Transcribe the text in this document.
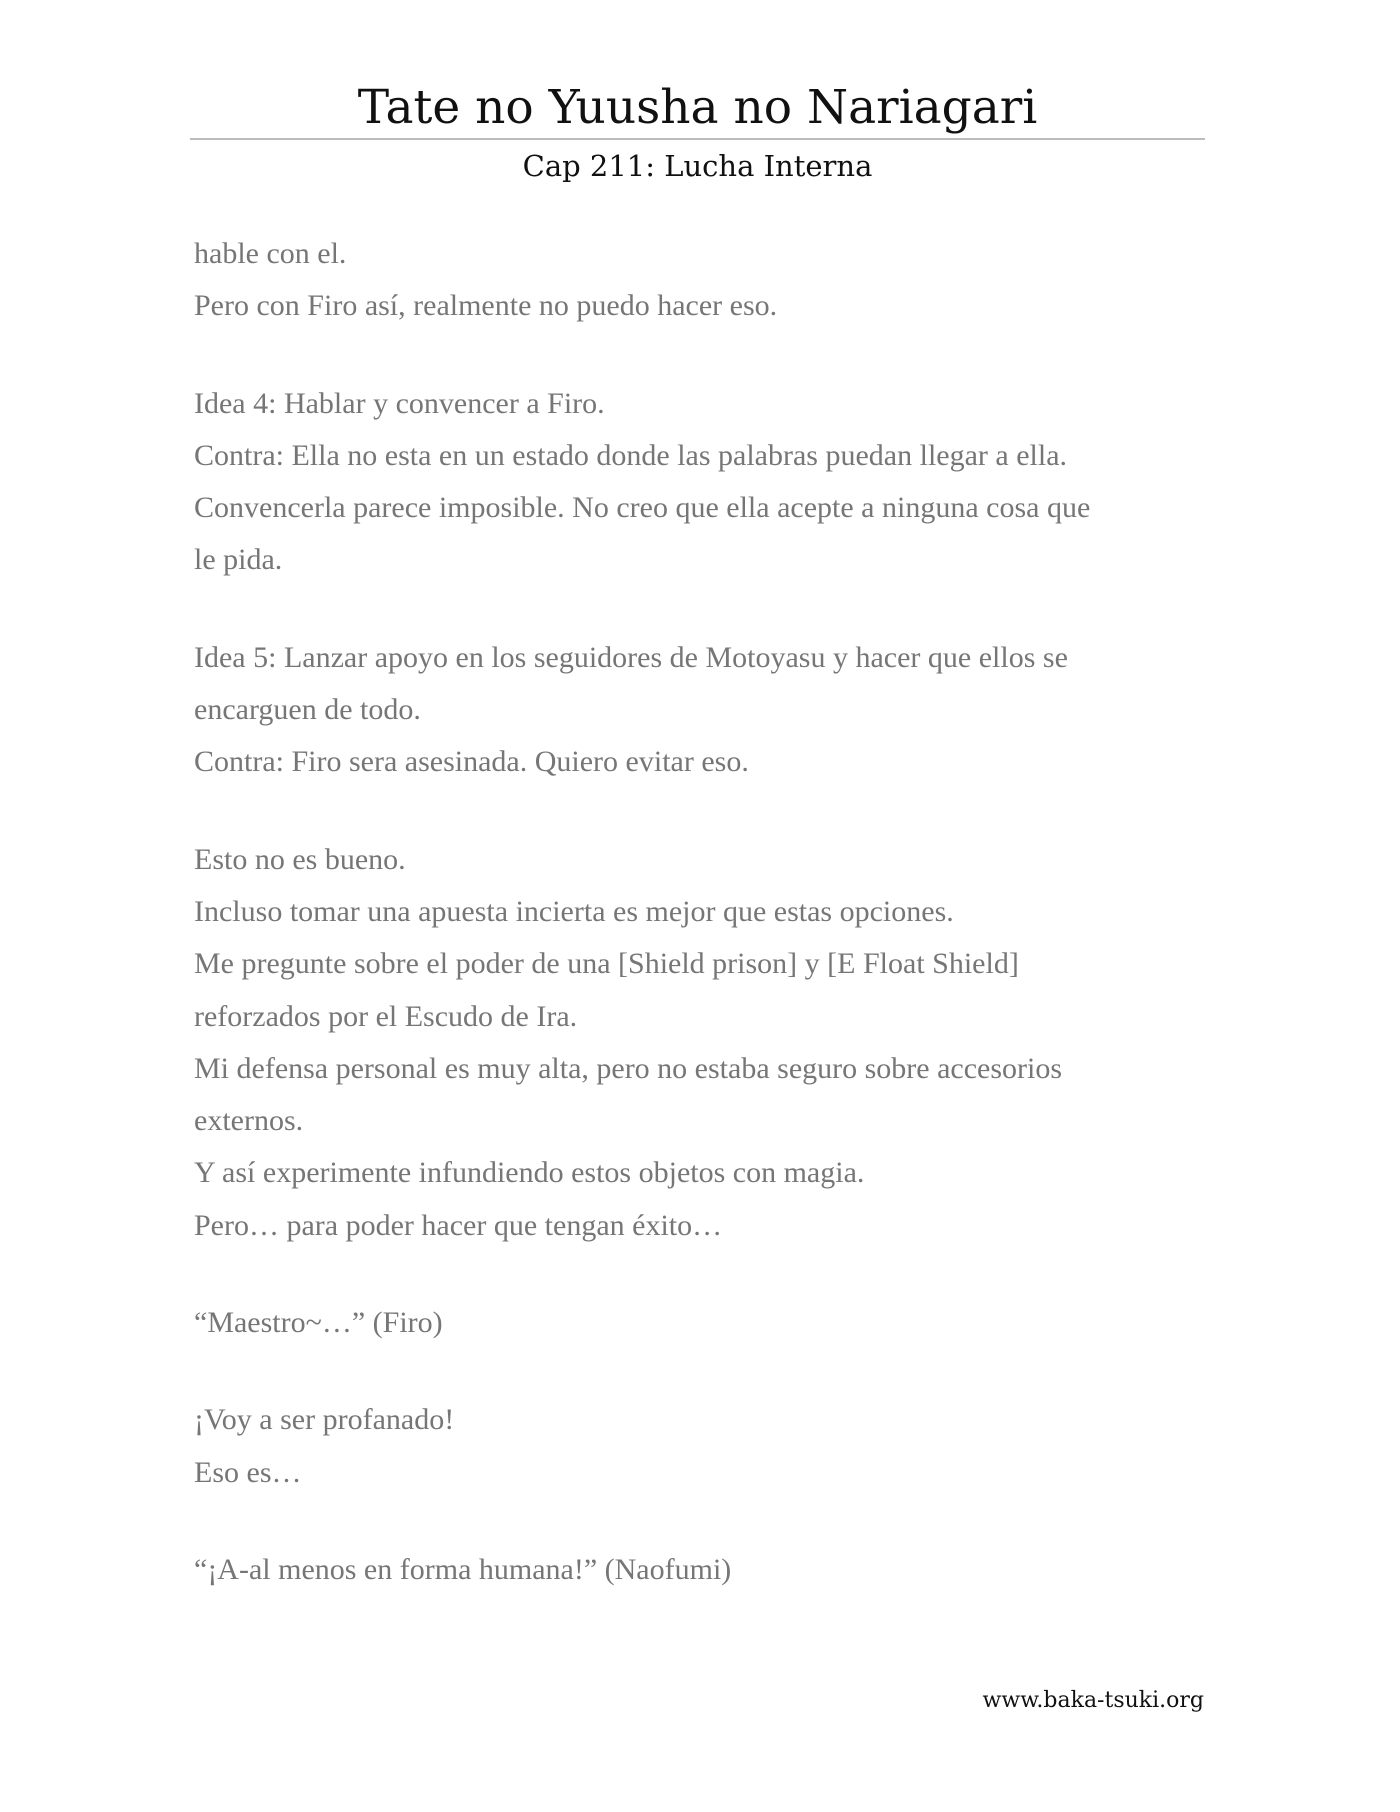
Tate no Yuusha no Nariagari
Cap 211: Lucha Interna

hable con el.

Pero con Firo así, realmente no puedo hacer eso.

Idea 4: Hablar y convencer a Firo.

Contra: Ella no esta en un estado donde las palabras puedan llegar a ella.

Convencerla parece imposible. No creo que ella acepte a ninguna cosa que

le pida.

Idea 5: Lanzar apoyo en los seguidores de Motoyasu y hacer que ellos se

encarguen de todo.

Contra: Firo sera asesinada. Quiero evitar eso.

Esto no es bueno.

Incluso tomar una apuesta incierta es mejor que estas opciones.

Me pregunte sobre el poder de una [Shield prison] y [E Float Shield]

reforzados por el Escudo de Ira.

Mi defensa personal es muy alta, pero no estaba seguro sobre accesorios

externos.

Y así experimente infundiendo estos objetos con magia.

Pero… para poder hacer que tengan éxito…

“Maestro~…” (Firo)

¡Voy a ser profanado!

Eso es…

“¡A-al menos en forma humana!” (Naofumi)

www.baka-tsuki.org
